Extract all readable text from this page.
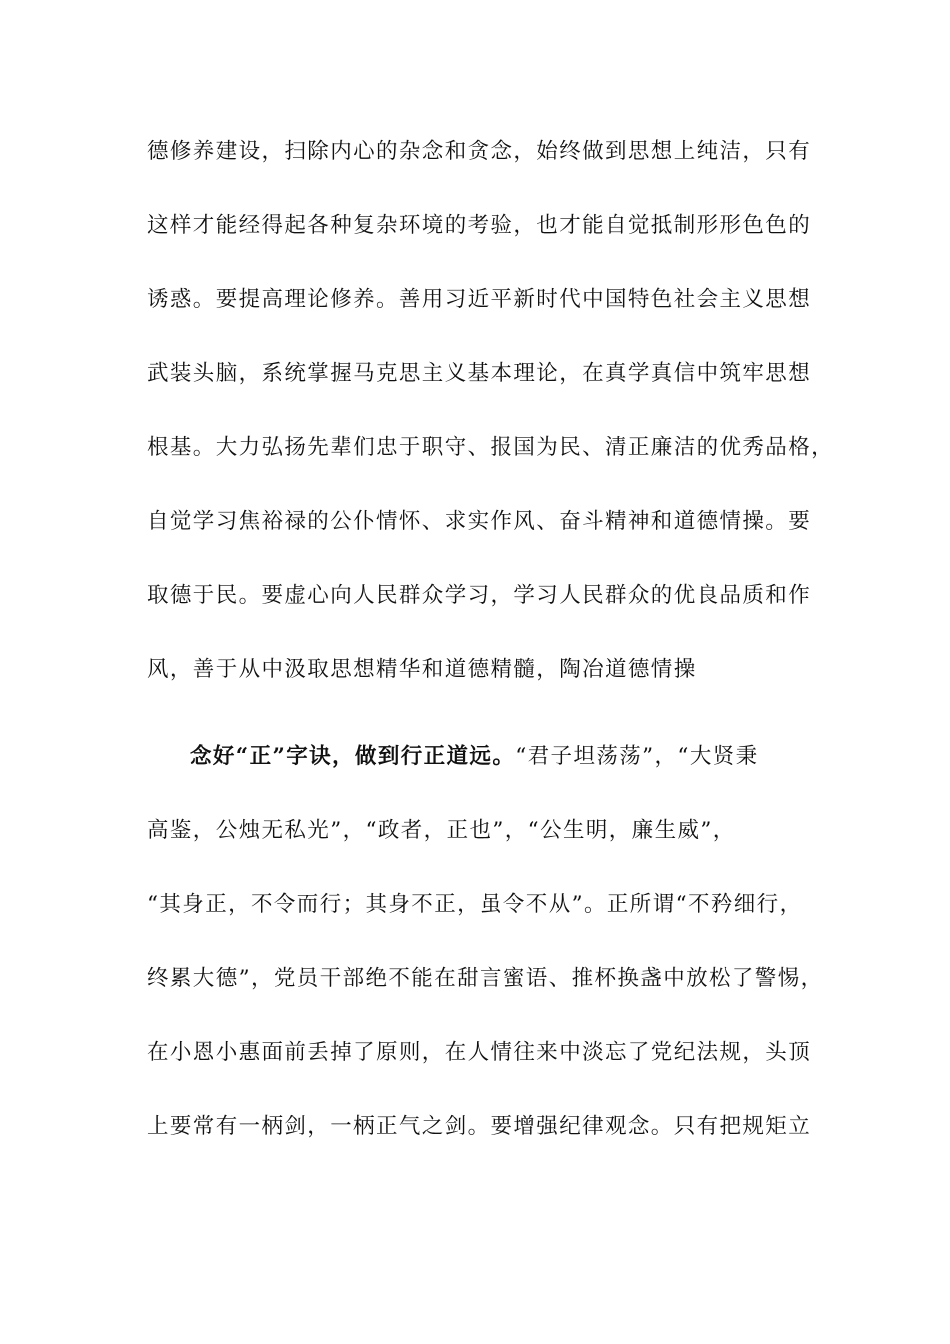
德修养建设，扫除内心的杂念和贪念，始终做到思想上纯洁，只有
这样才能经得起各种复杂环境的考验，也才能自觉抵制形形色色的
诱惑。要提高理论修养。善用习近平新时代中国特色社会主义思想
武装头脑，系统掌握马克思主义基本理论，在真学真信中筑牢思想
根基。大力弘扬先辈们忠于职守、报国为民、清正廉洁的优秀品格，
自觉学习焦裕禄的公仆情怀、求实作风、奋斗精神和道德情操。要
取德于民。要虚心向人民群众学习，学习人民群众的优良品质和作
风，善于从中汲取思想精华和道德精髓，陶冶道德情操
念好“正”字诀，做到行正道远。“君子坦荡荡”，“大贤秉
高鉴，公烛无私光”，“政者，正也”，“公生明，廉生威”，
“其身正，不令而行；其身不正，虽令不从”。正所谓“不矜细行，
终累大德”，党员干部绝不能在甜言蜜语、推杯换盏中放松了警惕，
在小恩小惠面前丢掉了原则，在人情往来中淡忘了党纪法规，头顶
上要常有一柄剑，一柄正气之剑。要增强纪律观念。只有把规矩立
